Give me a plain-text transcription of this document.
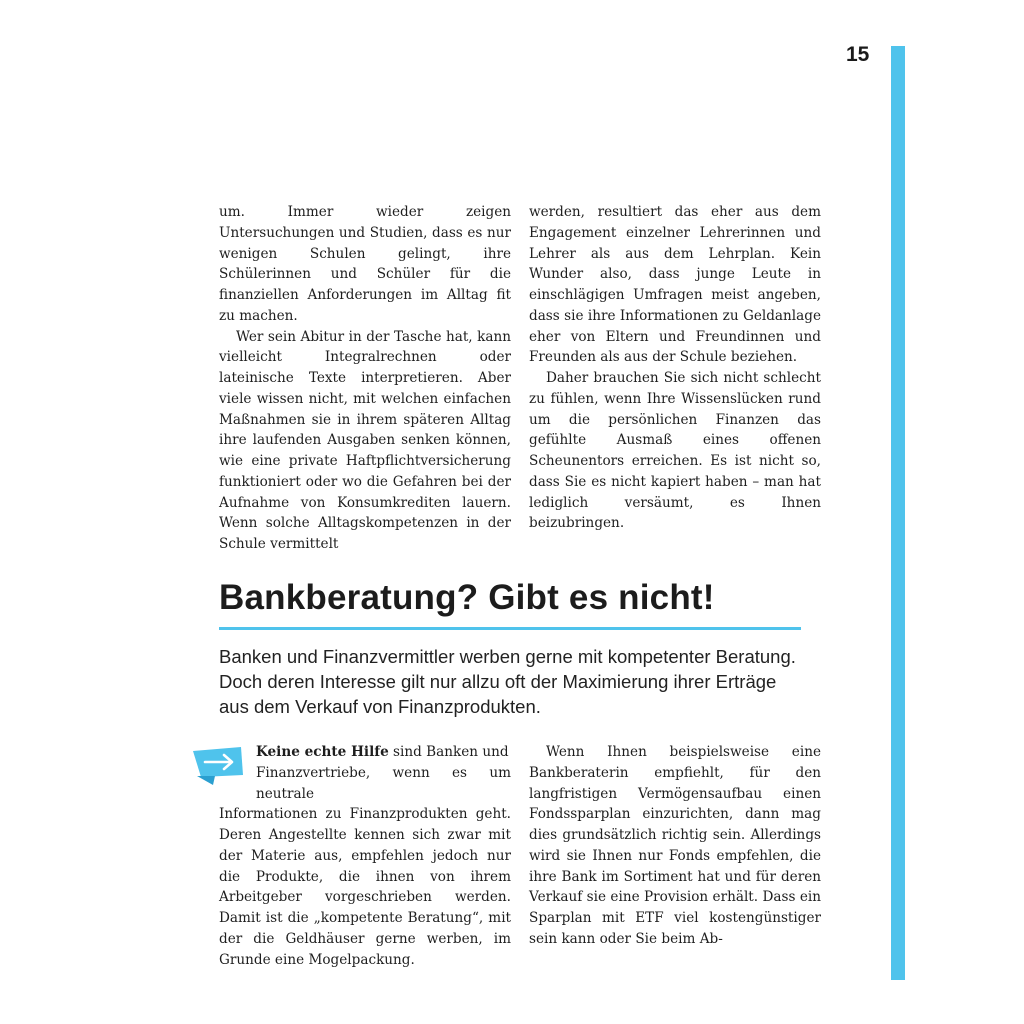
15

um. Immer wieder zeigen Untersuchungen und Studien, dass es nur wenigen Schulen gelingt, ihre Schülerinnen und Schüler für die finanziellen Anforderungen im Alltag fit zu machen.

Wer sein Abitur in der Tasche hat, kann vielleicht Integralrechnen oder lateinische Texte interpretieren. Aber viele wissen nicht, mit welchen einfachen Maßnahmen sie in ihrem späteren Alltag ihre laufenden Ausgaben senken können, wie eine private Haftpflichtversicherung funktioniert oder wo die Gefahren bei der Aufnahme von Konsumkrediten lauern. Wenn solche Alltagskompetenzen in der Schule vermittelt

werden, resultiert das eher aus dem Engagement einzelner Lehrerinnen und Lehrer als aus dem Lehrplan. Kein Wunder also, dass junge Leute in einschlägigen Umfragen meist angeben, dass sie ihre Informationen zu Geldanlage eher von Eltern und Freundinnen und Freunden als aus der Schule beziehen.

Daher brauchen Sie sich nicht schlecht zu fühlen, wenn Ihre Wissenslücken rund um die persönlichen Finanzen das gefühlte Ausmaß eines offenen Scheunentors erreichen. Es ist nicht so, dass Sie es nicht kapiert haben – man hat lediglich versäumt, es Ihnen beizubringen.

Bankberatung? Gibt es nicht!

Banken und Finanzvermittler werben gerne mit kompetenter Beratung. Doch deren Interesse gilt nur allzu oft der Maximierung ihrer Erträge aus dem Verkauf von Finanzprodukten.

Keine echte Hilfe sind Banken und
Finanzvertriebe, wenn es um neutrale
Informationen zu Finanzprodukten geht. Deren Angestellte kennen sich zwar mit der Materie aus, empfehlen jedoch nur die Produkte, die ihnen von ihrem Arbeitgeber vorgeschrieben werden. Damit ist die „kompetente Beratung“, mit der die Geldhäuser gerne werben, im Grunde eine Mogelpackung.

Wenn Ihnen beispielsweise eine Bankberaterin empfiehlt, für den langfristigen Vermögensaufbau einen Fondssparplan einzurichten, dann mag dies grundsätzlich richtig sein. Allerdings wird sie Ihnen nur Fonds empfehlen, die ihre Bank im Sortiment hat und für deren Verkauf sie eine Provision erhält. Dass ein Sparplan mit ETF viel kostengünstiger sein kann oder Sie beim Ab-
